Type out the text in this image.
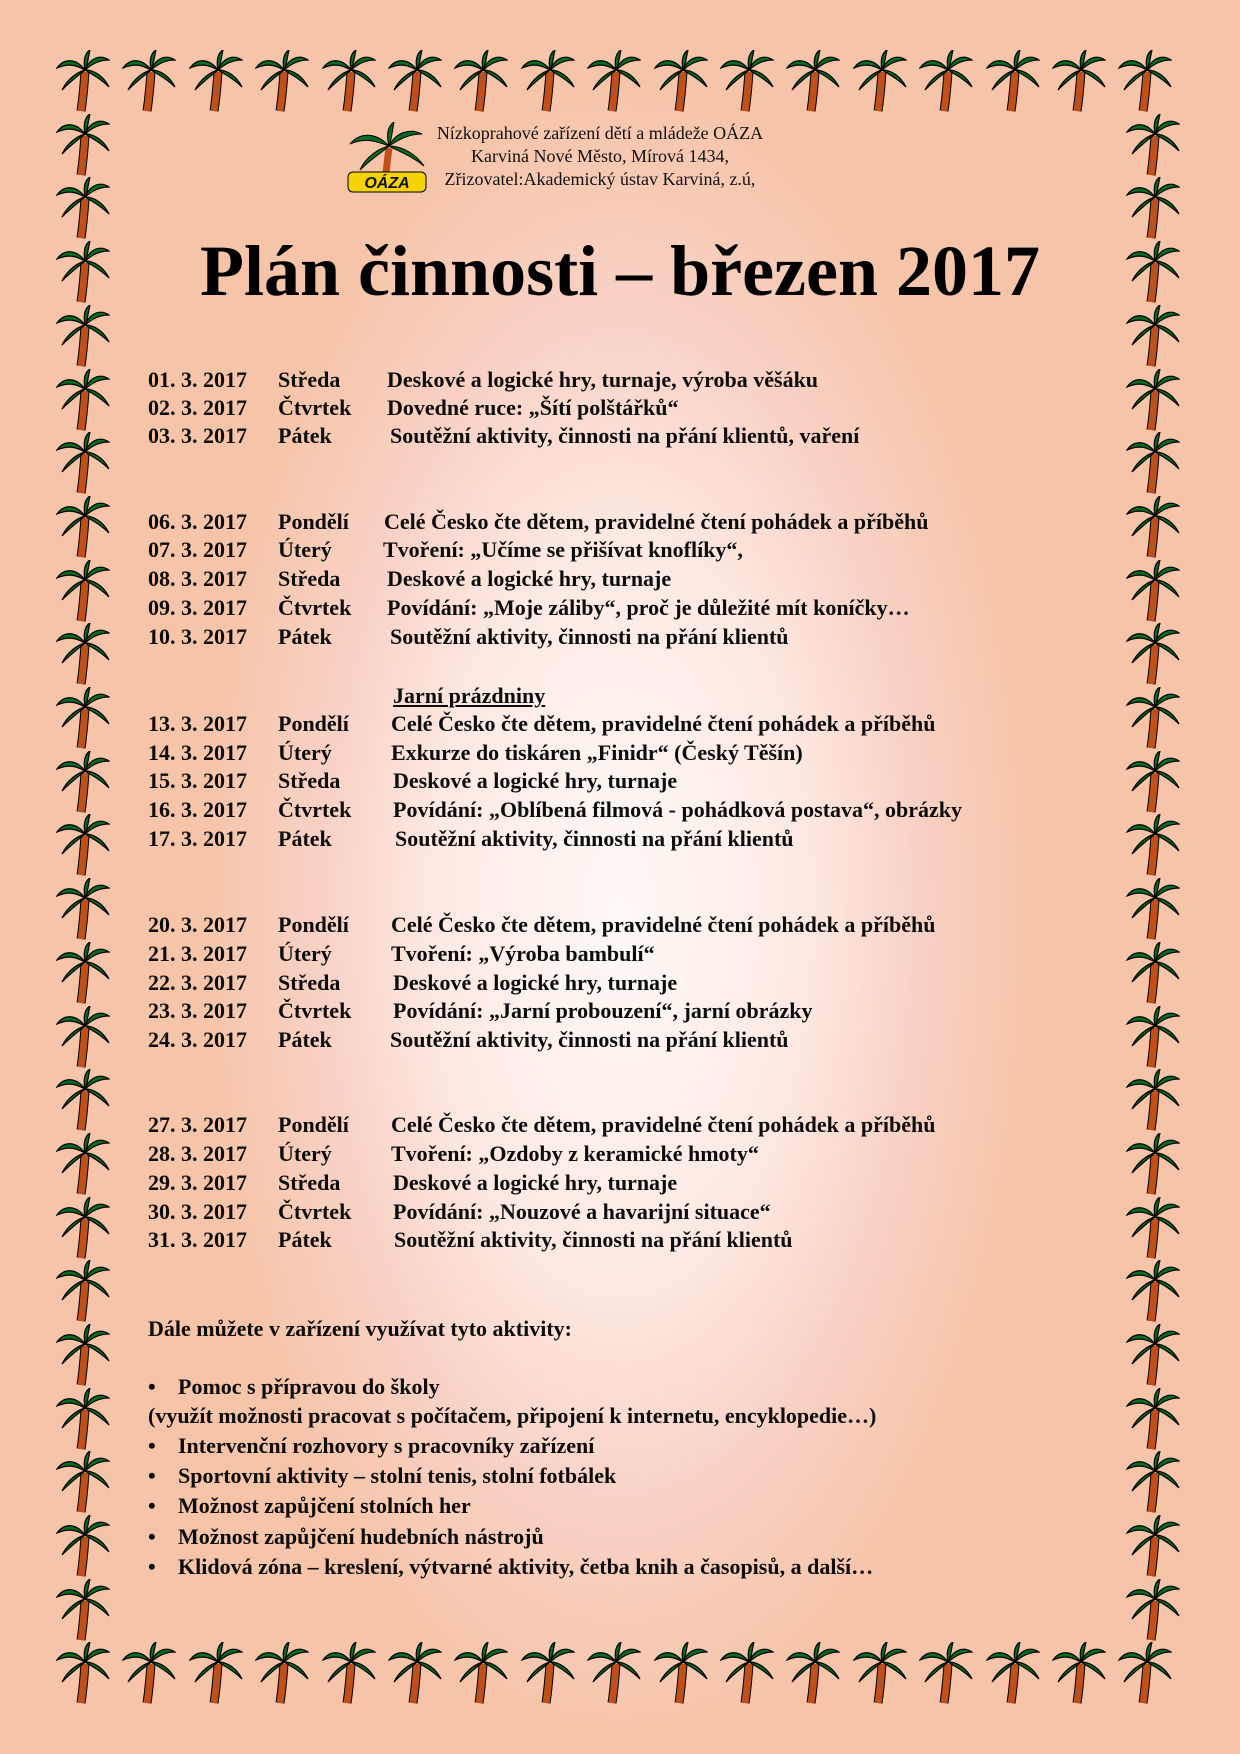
OÁZA
Nízkoprahové zařízení dětí a mládeže OÁZA
Karviná Nové Město, Mírová 1434,
Zřizovatel:Akademický ústav Karviná, z.ú,
Plán činnosti – březen 2017
01. 3. 2017 Středa Deskové a logické hry, turnaje, výroba věšáku
02. 3. 2017 Čtvrtek Dovedné ruce: „Šítí polštářků“
03. 3. 2017 Pátek	Soutěžní aktivity, činnosti na přání klientů, vaření
06. 3. 2017 Pondělí Celé Česko čte dětem, pravidelné čtení pohádek a příběhů
07. 3. 2017 Úterý Tvoření: „Učíme se přišívat knoflíky“,
08. 3. 2017 Středa Deskové a logické hry, turnaje
09. 3. 2017 Čtvrtek Povídání: „Moje záliby“, proč je důležité mít koníčky…
10. 3. 2017 Pátek	Soutěžní aktivity, činnosti na přání klientů
Jarní prázdniny
13. 3. 2017 Pondělí Celé Česko čte dětem, pravidelné čtení pohádek a příběhů
14. 3. 2017 Úterý	Exkurze do tiskáren „Finidr“ (Český Těšín)
15. 3. 2017 Středa Deskové a logické hry, turnaje
16. 3. 2017 Čtvrtek Povídání: „Oblíbená filmová - pohádková postava“, obrázky
17. 3. 2017 Pátek	Soutěžní aktivity, činnosti na přání klientů
20. 3. 2017 Pondělí Celé Česko čte dětem, pravidelné čtení pohádek a příběhů
21. 3. 2017 Úterý	Tvoření: „Výroba bambulí“
22. 3. 2017 Středa Deskové a logické hry, turnaje
23. 3. 2017 Čtvrtek Povídání: „Jarní probouzení“, jarní obrázky
24. 3. 2017 Pátek	Soutěžní aktivity, činnosti na přání klientů
27. 3. 2017 Pondělí Celé Česko čte dětem, pravidelné čtení pohádek a příběhů
28. 3. 2017 Úterý	Tvoření: „Ozdoby z keramické hmoty“
29. 3. 2017 Středa Deskové a logické hry, turnaje
30. 3. 2017 Čtvrtek Povídání: „Nouzové a havarijní situace“
31. 3. 2017 Pátek	Soutěžní aktivity, činnosti na přání klientů
Dále můžete v zařízení využívat tyto aktivity:
• Pomoc s přípravou do školy
(využít možnosti pracovat s počítačem, připojení k internetu, encyklopedie…)
• Intervenční rozhovory s pracovníky zařízení
• Sportovní aktivity – stolní tenis, stolní fotbálek
• Možnost zapůjčení stolních her
• Možnost zapůjčení hudebních nástrojů
• Klidová zóna – kreslení, výtvarné aktivity, četba knih a časopisů, a další…
